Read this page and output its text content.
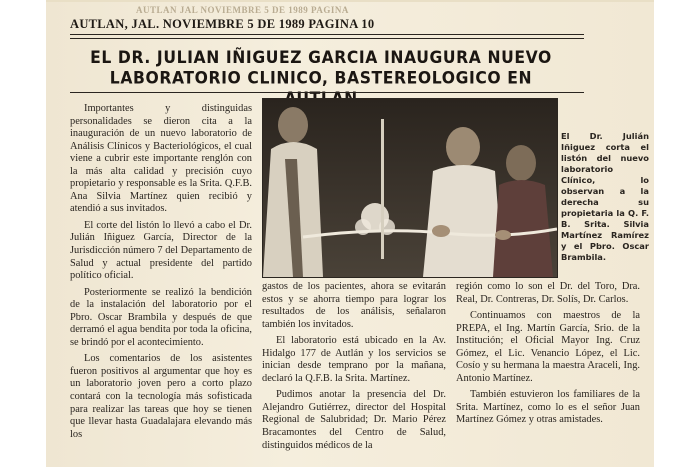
AUTLAN JAL NOVIEMBRE 5 DE 1989 PAGINA
AUTLAN, JAL. NOVIEMBRE 5 DE 1989 PAGINA 10
EL DR. JULIAN IÑIGUEZ GARCIA INAUGURA NUEVO
LABORATORIO CLINICO, BASTEREOLOGICO EN

Importantes y distinguidas personalidades se dieron cita a la inauguración de un nuevo laboratorio de Análisis Clínicos y Bacteriológicos, el cual viene a cubrir este importante renglón con la más alta calidad y precisión cuyo propietario y responsable es la Srita. Q.F.B. Ana Silvia Martínez quien recibió y atendió a sus invitados.

El corte del listón lo llevó a cabo el Dr. Julián Iñiguez García, Director de la Jurisdicción número 7 del Departamento de Salud y actual presidente del partido político oficial.

Posteriormente se realizó la bendición de la instalación del laboratorio por el Pbro. Oscar Brambila y después de que derramó el agua bendita por toda la oficina, se brindó por el acontecimiento.

Los comentarios de los asistentes fueron positivos al argumentar que hoy es un laboratorio joven pero a corto plazo contará con la tecnología más sofisticada para realizar las tareas que hoy se tienen que llevar hasta Guadalajara elevando más los

El Dr. Julián Iñiguez corta el listón del nuevo laboratorio Clínico, lo observan a la derecha su propietaria la Q. F. B. Srita. Silvia Martínez Ramírez y el Pbro. Oscar Brambila.

gastos de los pacientes, ahora se evitarán estos y se ahorra tiempo para lograr los resultados de los análisis, señalaron también los invitados.

El laboratorio está ubicado en la Av. Hidalgo 177 de Autlán y los servicios se inician desde temprano por la mañana, declaró la Q.F.B. la Srita. Martínez.

Pudimos anotar la presencia del Dr. Alejandro Gutiérrez, director del Hospital Regional de Salubridad; Dr. Mario Pérez Bracamontes del Centro de Salud, distinguidos médicos de la

región como lo son el Dr. del Toro, Dra. Real, Dr. Contreras, Dr. Solís, Dr. Carlos.

Continuamos con maestros de la PREPA, el Ing. Martín García, Srio. de la Institución; el Oficial Mayor Ing. Cruz Gómez, el Lic. Venancio López, el Lic. Cosío y su hermana la maestra Araceli, Ing. Antonio Martínez.

También estuvieron los familiares de la Srita. Martínez, como lo es el señor Juan Martínez Gómez y otras amistades.
